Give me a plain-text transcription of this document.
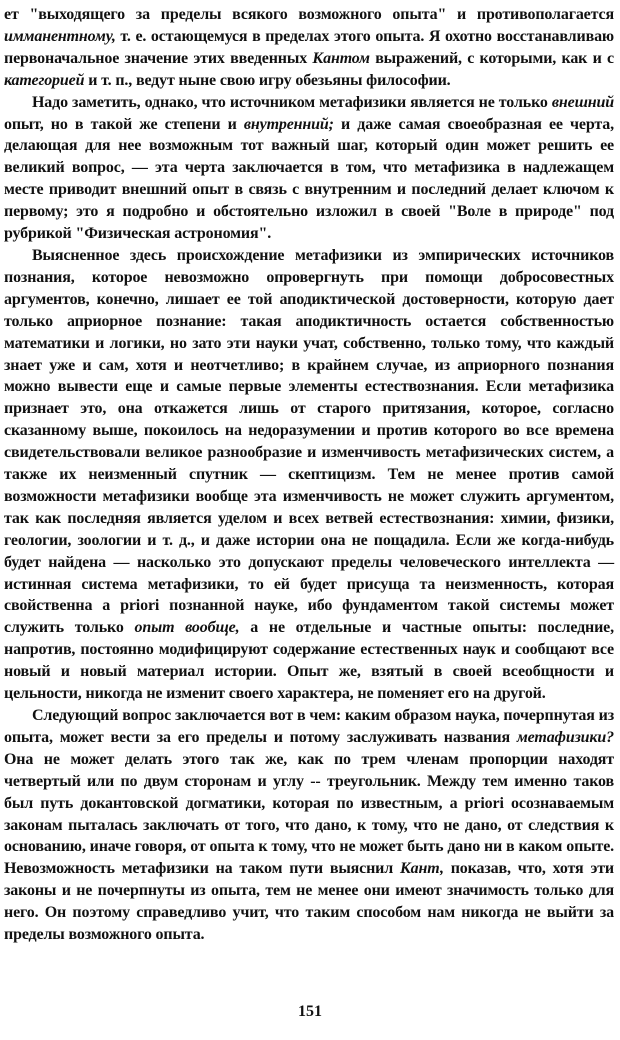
ет "выходящего за пределы всякого возможного опыта" и противополагается имманентному, т. е. остающемуся в пределах этого опыта. Я охотно восстанавливаю первоначальное значение этих введенных Кантом выражений, с которыми, как и с категорией и т. п., ведут ныне свою игру обезьяны философии.

Надо заметить, однако, что источником метафизики является не только внешний опыт, но в такой же степени и внутренний; и даже самая своеобразная ее черта, делающая для нее возможным тот важный шаг, который один может решить ее великий вопрос, — эта черта заключается в том, что метафизика в надлежащем месте приводит внешний опыт в связь с внутренним и последний делает ключом к первому; это я подробно и обстоятельно изложил в своей "Воле в природе" под рубрикой "Физическая астрономия".

Выясненное здесь происхождение метафизики из эмпирических источников познания, которое невозможно опровергнуть при помощи добросовестных аргументов, конечно, лишает ее той аподиктической достоверности, которую дает только априорное познание: такая аподиктичность остается собственностью математики и логики, но зато эти науки учат, собственно, только тому, что каждый знает уже и сам, хотя и неотчетливо; в крайнем случае, из априорного познания можно вывести еще и самые первые элементы естествознания. Если метафизика признает это, она откажется лишь от старого притязания, которое, согласно сказанному выше, покоилось на недоразумении и против которого во все времена свидетельствовали великое разнообразие и изменчивость метафизических систем, а также их неизменный спутник — скептицизм. Тем не менее против самой возможности метафизики вообще эта изменчивость не может служить аргументом, так как последняя является уделом и всех ветвей естествознания: химии, физики, геологии, зоологии и т. д., и даже истории она не пощадила. Если же когда-нибудь будет найдена — насколько это допускают пределы человеческого интеллекта — истинная система метафизики, то ей будет присуща та неизменность, которая свойственна a priori познанной науке, ибо фундаментом такой системы может служить только опыт вообще, а не отдельные и частные опыты: последние, напротив, постоянно модифицируют содержание естественных наук и сообщают все новый и новый материал истории. Опыт же, взятый в своей всеобщности и цельности, никогда не изменит своего характера, не поменяет его на другой.

Следующий вопрос заключается вот в чем: каким образом наука, почерпнутая из опыта, может вести за его пределы и потому заслуживать названия метафизики? Она не может делать этого так же, как по трем членам пропорции находят четвертый или по двум сторонам и углу -- треугольник. Между тем именно таков был путь докантовской догматики, которая по известным, a priori осознаваемым законам пыталась заключать от того, что дано, к тому, что не дано, от следствия к основанию, иначе говоря, от опыта к тому, что не может быть дано ни в каком опыте. Невозможность метафизики на таком пути выяснил Кант, показав, что, хотя эти законы и не почерпнуты из опыта, тем не менее они имеют значимость только для него. Он поэтому справедливо учит, что таким способом нам никогда не выйти за пределы возможного опыта.

151
